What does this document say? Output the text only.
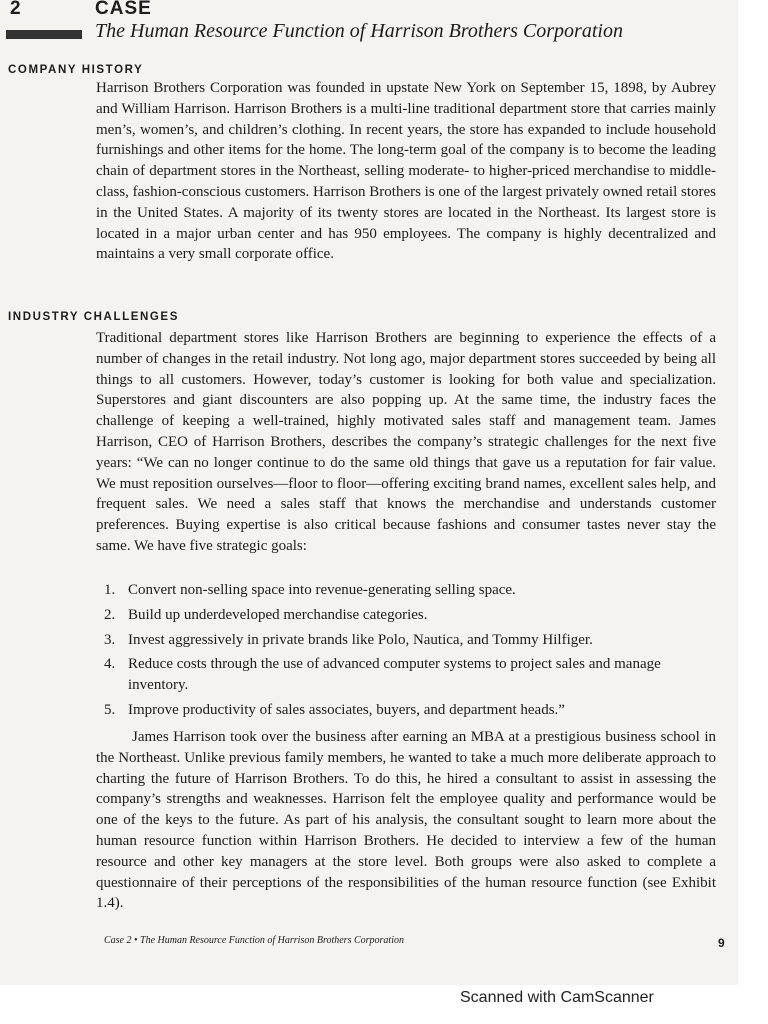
2	CASE
The Human Resource Function of Harrison Brothers Corporation
COMPANY HISTORY

Harrison Brothers Corporation was founded in upstate New York on September 15, 1898, by Aubrey and William Harrison. Harrison Brothers is a multi-line traditional department store that carries mainly men’s, women’s, and children’s clothing. In recent years, the store has expanded to include household furnishings and other items for the home. The long-term goal of the company is to become the leading chain of department stores in the Northeast, selling moderate- to higher-priced merchandise to middle-class, fashion-conscious customers. Harrison Brothers is one of the largest privately owned retail stores in the United States. A majority of its twenty stores are located in the Northeast. Its largest store is located in a major urban center and has 950 employees. The company is highly decentralized and maintains a very small corporate office.

INDUSTRY CHALLENGES

Traditional department stores like Harrison Brothers are beginning to experience the effects of a number of changes in the retail industry. Not long ago, major department stores succeeded by being all things to all customers. However, today’s customer is looking for both value and specialization. Superstores and giant discounters are also popping up. At the same time, the industry faces the challenge of keeping a well-trained, highly motivated sales staff and management team. James Harrison, CEO of Harrison Brothers, describes the company’s strategic challenges for the next five years: “We can no longer continue to do the same old things that gave us a reputation for fair value. We must reposition ourselves—floor to floor—offering exciting brand names, excellent sales help, and frequent sales. We need a sales staff that knows the merchandise and understands customer preferences. Buying expertise is also critical because fashions and consumer tastes never stay the same. We have five strategic goals:

1. Convert non-selling space into revenue-generating selling space.
2. Build up underdeveloped merchandise categories.
3. Invest aggressively in private brands like Polo, Nautica, and Tommy Hilfiger.
4. Reduce costs through the use of advanced computer systems to project sales and manage inventory.
5. Improve productivity of sales associates, buyers, and department heads.”

James Harrison took over the business after earning an MBA at a prestigious business school in the Northeast. Unlike previous family members, he wanted to take a much more deliberate approach to charting the future of Harrison Brothers. To do this, he hired a consultant to assist in assessing the company’s strengths and weaknesses. Harrison felt the employee quality and performance would be one of the keys to the future. As part of his analysis, the consultant sought to learn more about the human resource function within Harrison Brothers. He decided to interview a few of the human resource and other key managers at the store level. Both groups were also asked to complete a questionnaire of their perceptions of the responsibilities of the human resource function (see Exhibit 1.4).

Case 2 • The Human Resource Function of Harrison Brothers Corporation	9
Scanned with CamScanner
